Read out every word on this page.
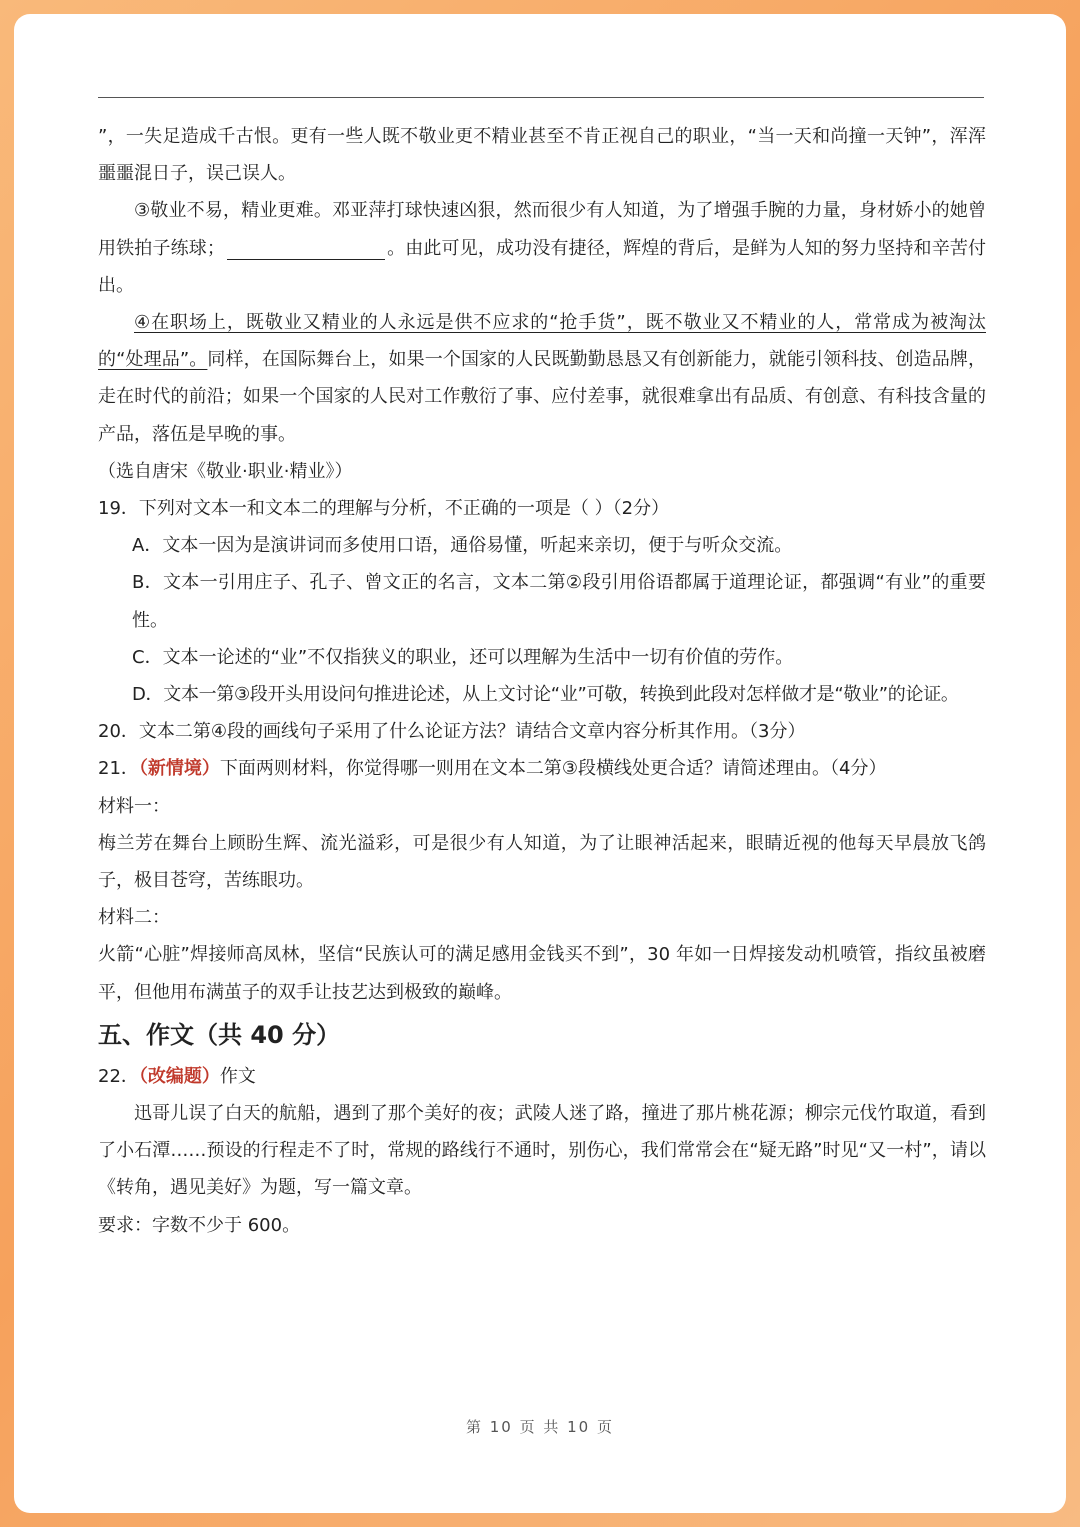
”，一失足造成千古恨。更有一些人既不敬业更不精业甚至不肯正视自己的职业，“当一天和尚撞一天钟”，浑浑噩噩混日子，误己误人。

③敬业不易，精业更难。邓亚萍打球快速凶狠，然而很少有人知道，为了增强手腕的力量，身材娇小的她曾用铁拍子练球；	。由此可见，成功没有捷径，辉煌的背后，是鲜为人知的努力坚持和辛苦付出。

④在职场上，既敬业又精业的人永远是供不应求的“抢手货”，既不敬业又不精业的人，常常成为被淘汰的“处理品”。同样，在国际舞台上，如果一个国家的人民既勤勤恳恳又有创新能力，就能引领科技、创造品牌，走在时代的前沿；如果一个国家的人民对工作敷衍了事、应付差事，就很难拿出有品质、有创意、有科技含量的产品，落伍是早晚的事。

（选自唐宋《敬业·职业·精业》）

19．下列对文本一和文本二的理解与分析，不正确的一项是（ ）（2分）

A．文本一因为是演讲词而多使用口语，通俗易懂，听起来亲切，便于与听众交流。

B．文本一引用庄子、孔子、曾文正的名言，文本二第②段引用俗语都属于道理论证，都强调“有业”的重要性。

C．文本一论述的“业”不仅指狭义的职业，还可以理解为生活中一切有价值的劳作。

D．文本一第③段开头用设问句推进论述，从上文讨论“业”可敬，转换到此段对怎样做才是“敬业”的论证。

20．文本二第④段的画线句子采用了什么论证方法？请结合文章内容分析其作用。（3分）

21．（新情境）下面两则材料，你觉得哪一则用在文本二第③段横线处更合适？请简述理由。（4分）

材料一：

梅兰芳在舞台上顾盼生辉、流光溢彩，可是很少有人知道，为了让眼神活起来，眼睛近视的他每天早晨放飞鸽子，极目苍穹，苦练眼功。

材料二：

火箭“心脏”焊接师高凤林，坚信“民族认可的满足感用金钱买不到”，30 年如一日焊接发动机喷管，指纹虽被磨平，但他用布满茧子的双手让技艺达到极致的巅峰。

五、作文（共 40 分）

22．（改编题）作文

迅哥儿误了白天的航船，遇到了那个美好的夜；武陵人迷了路，撞进了那片桃花源；柳宗元伐竹取道，看到了小石潭……预设的行程走不了时，常规的路线行不通时，别伤心，我们常常会在“疑无路”时见“又一村”，请以《转角，遇见美好》为题，写一篇文章。

要求：字数不少于 600。

第 10 页 共 10 页
